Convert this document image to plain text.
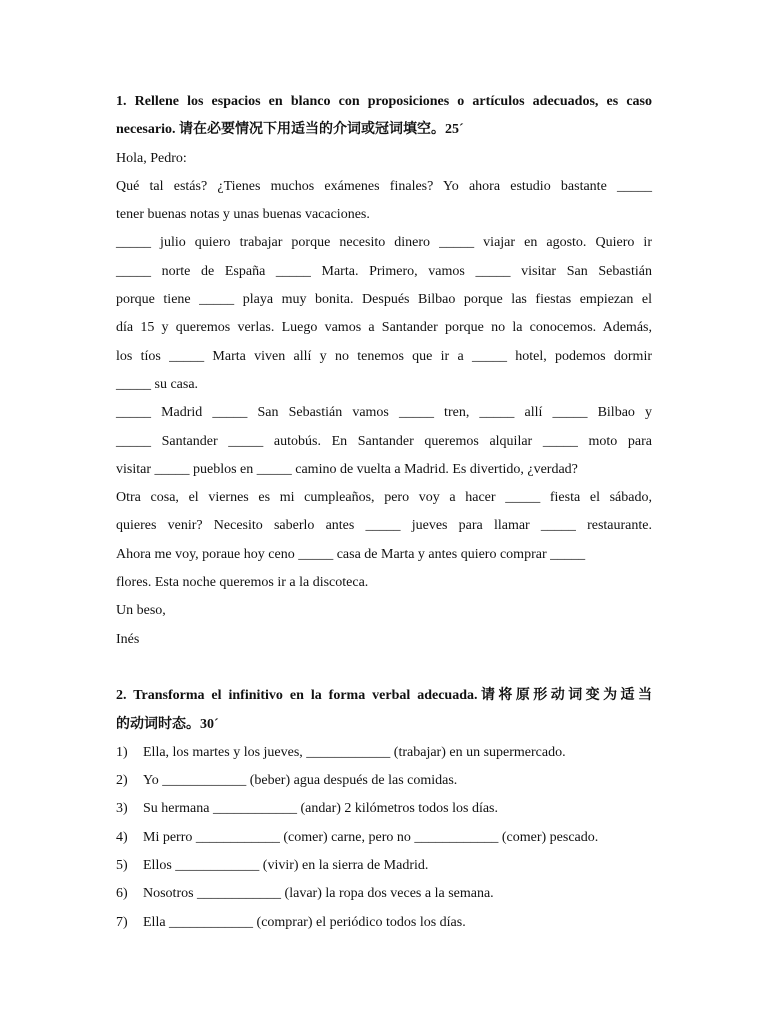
1. Rellene los espacios en blanco con proposiciones o artículos adecuados, es caso
necesario. 请在必要情况下用适当的介词或冠词填空。25´
Hola, Pedro:
Qué tal estás? ¿Tienes muchos exámenes finales? Yo ahora estudio bastante _____
tener buenas notas y unas buenas vacaciones.
_____ julio quiero trabajar porque necesito dinero _____ viajar en agosto. Quiero ir
_____ norte de España _____ Marta. Primero, vamos _____ visitar San Sebastián
porque tiene _____ playa muy bonita. Después Bilbao porque las fiestas empiezan el
día 15 y queremos verlas. Luego vamos a Santander porque no la conocemos. Además,
los tíos _____ Marta viven allí y no tenemos que ir a _____ hotel, podemos dormir
_____ su casa.
_____ Madrid _____ San Sebastián vamos _____ tren, _____ allí _____ Bilbao y
_____ Santander _____ autobús. En Santander queremos alquilar _____ moto para
visitar _____ pueblos en _____ camino de vuelta a Madrid. Es divertido, ¿verdad?
Otra cosa, el viernes es mi cumpleaños, pero voy a hacer _____ fiesta el sábado,
quieres venir? Necesito saberlo antes _____ jueves para llamar _____ restaurante.
Ahora me voy, poraue hoy ceno _____ casa de Marta y antes quiero comprar _____
flores. Esta noche queremos ir a la discoteca.
Un beso,
Inés
2. Transforma el infinitivo en la forma verbal adecuada.请将原形动词变为适当
的动词时态。30´
1)	Ella, los martes y los jueves, ____________ (trabajar) en un supermercado.
2)	Yo ____________ (beber) agua después de las comidas.
3)	Su hermana ____________ (andar) 2 kilómetros todos los días.
4)	Mi perro ____________ (comer) carne, pero no ____________ (comer) pescado.
5)	Ellos ____________ (vivir) en la sierra de Madrid.
6)	Nosotros ____________ (lavar) la ropa dos veces a la semana.
7)	Ella ____________ (comprar) el periódico todos los días.
